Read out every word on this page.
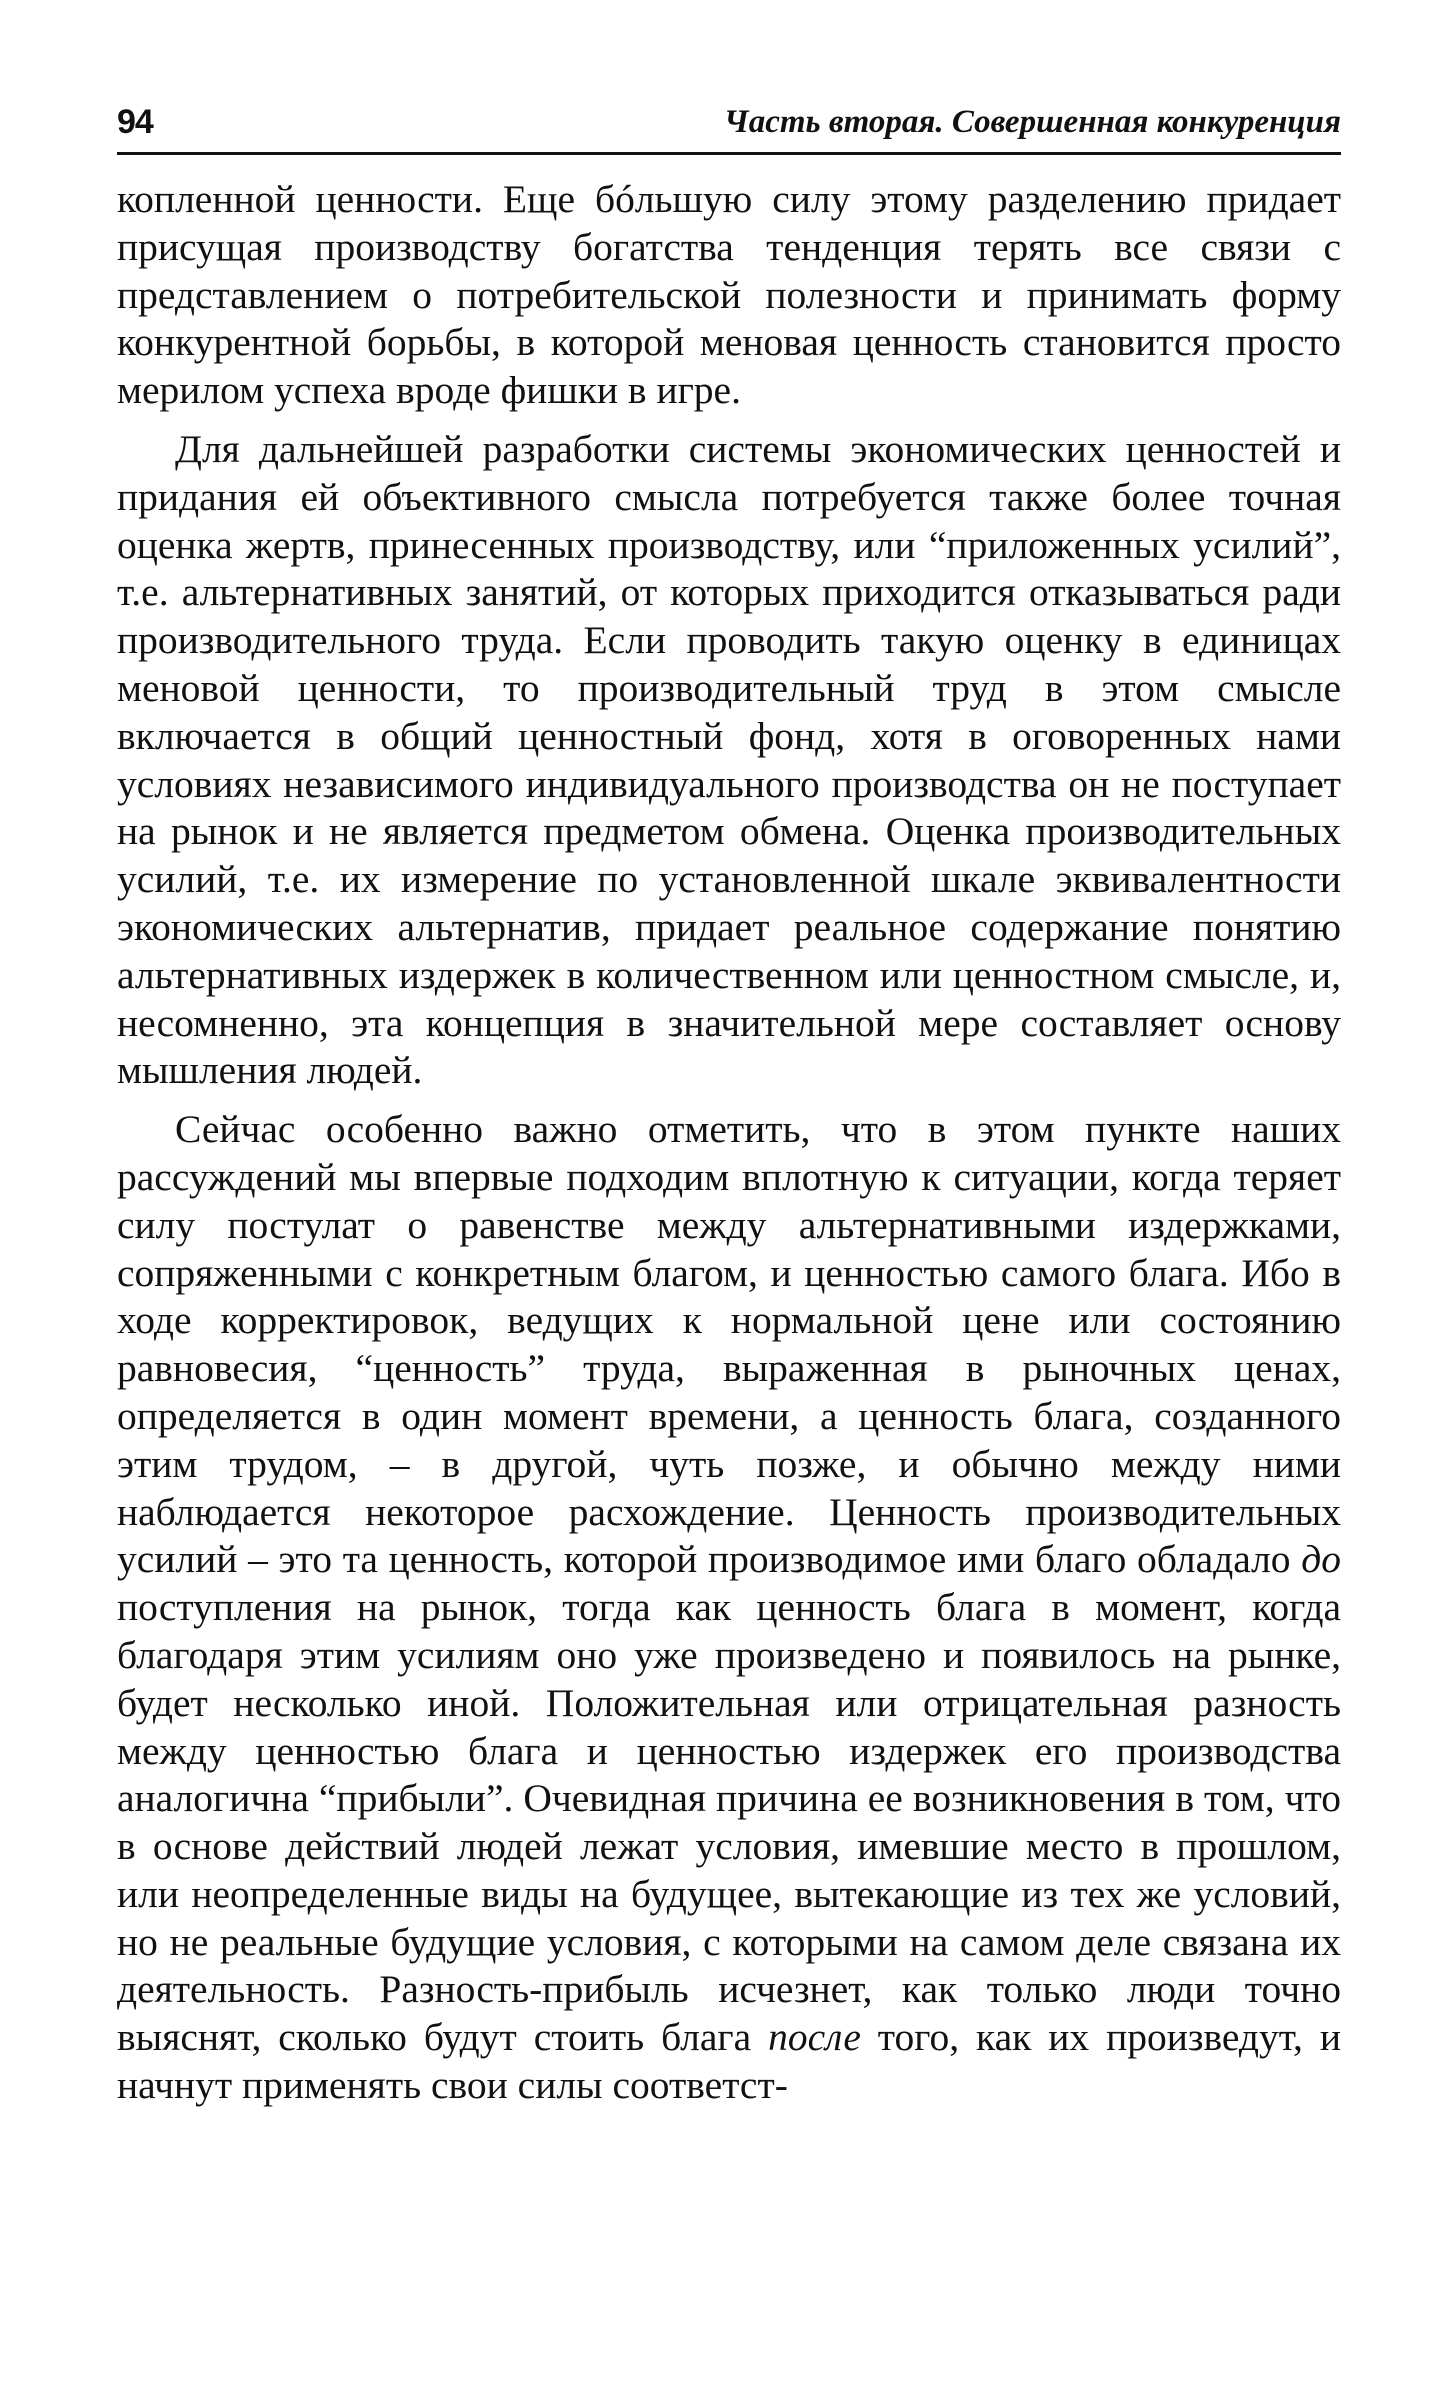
94	Часть вторая. Совершенная конкуренция

копленной ценности. Еще бóльшую силу этому разделению придает присущая производству богатства тенденция терять все связи с представлением о потребительской полезности и принимать форму конкурентной борьбы, в которой меновая ценность становится просто мерилом успеха вроде фишки в игре.

Для дальнейшей разработки системы экономических ценностей и придания ей объективного смысла потребуется также более точная оценка жертв, принесенных производству, или “приложенных усилий”, т.е. альтернативных занятий, от которых приходится отказываться ради производительного труда. Если проводить такую оценку в единицах меновой ценности, то производительный труд в этом смысле включается в общий ценностный фонд, хотя в оговоренных нами условиях независимого индивидуального производства он не поступает на рынок и не является предметом обмена. Оценка производительных усилий, т.е. их измерение по установленной шкале эквивалентности экономических альтернатив, придает реальное содержание понятию альтернативных издержек в количественном или ценностном смысле, и, несомненно, эта концепция в значительной мере составляет основу мышления людей.

Сейчас особенно важно отметить, что в этом пункте наших рассуждений мы впервые подходим вплотную к ситуации, когда теряет силу постулат о равенстве между альтернативными издержками, сопряженными с конкретным благом, и ценностью самого блага. Ибо в ходе корректировок, ведущих к нормальной цене или состоянию равновесия, “ценность” труда, выраженная в рыночных ценах, определяется в один момент времени, а ценность блага, созданного этим трудом, – в другой, чуть позже, и обычно между ними наблюдается некоторое расхождение. Ценность производительных усилий – это та ценность, которой производимое ими благо обладало до поступления на рынок, тогда как ценность блага в момент, когда благодаря этим усилиям оно уже произведено и появилось на рынке, будет несколько иной. Положительная или отрицательная разность между ценностью блага и ценностью издержек его производства аналогична “прибыли”. Очевидная причина ее возникновения в том, что в основе действий людей лежат условия, имевшие место в прошлом, или неопределенные виды на будущее, вытекающие из тех же условий, но не реальные будущие условия, с которыми на самом деле связана их деятельность. Разность-прибыль исчезнет, как только люди точно выяснят, сколько будут стоить блага после того, как их произведут, и начнут применять свои силы соответст-
